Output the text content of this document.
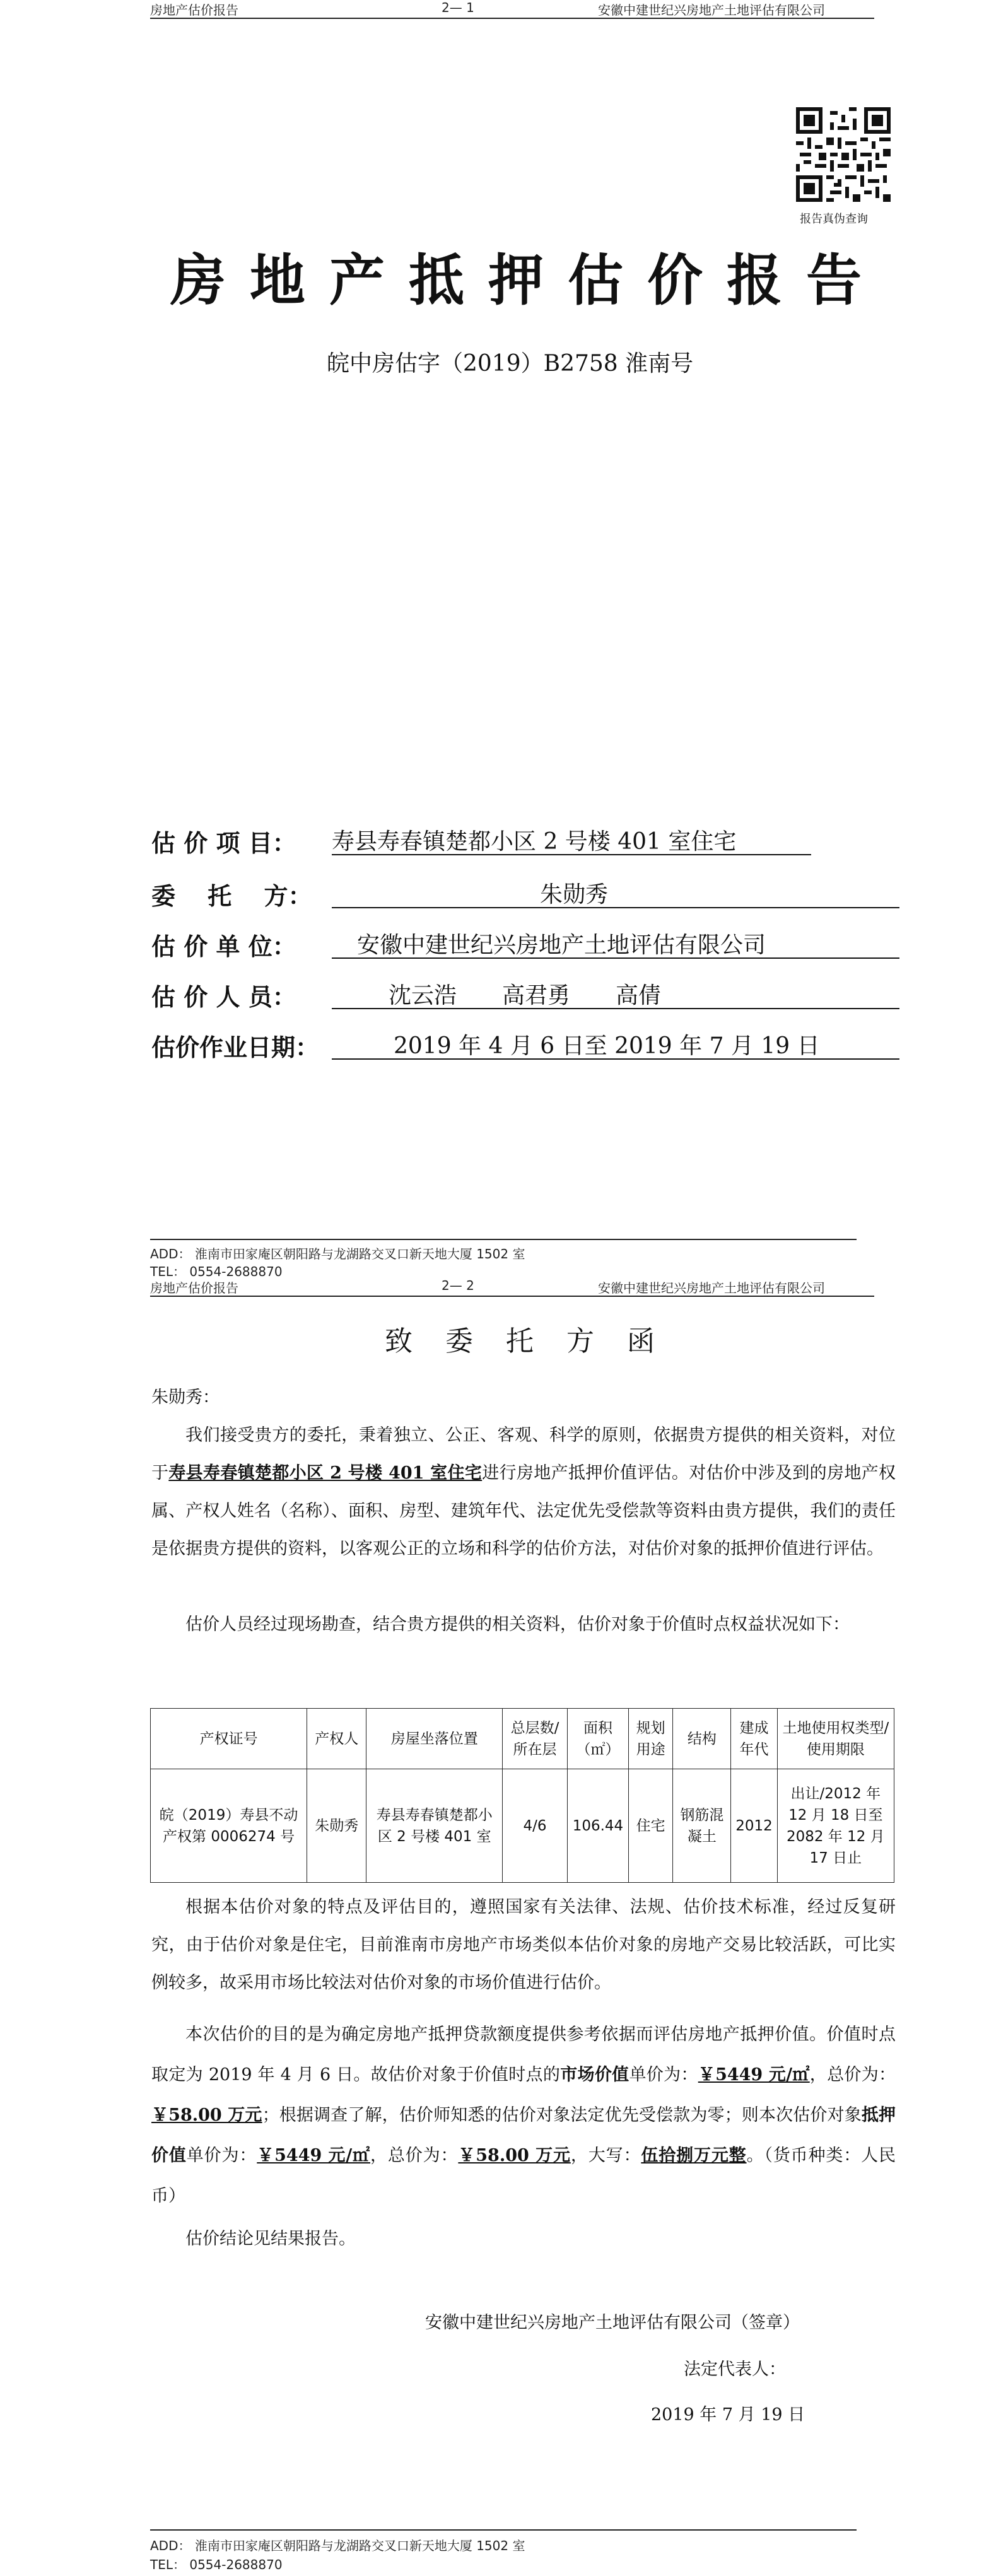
房地产估价报告	2— 1	安徽中建世纪兴房地产土地评估有限公司
报告真伪查询
房地产抵押估价报告
皖中房估字（2019）B2758 淮南号
估 价 项 目： 寿县寿春镇楚都小区 2 号楼 401 室住宅
委　 托　 方：	朱勋秀
估 价 单 位：	安徽中建世纪兴房地产土地评估有限公司
估 价 人 员：	沈云浩　　高君勇　　高倩
估价作业日期：	2019 年 4 月 6 日至 2019 年 7 月 19 日
ADD： 淮南市田家庵区朝阳路与龙湖路交叉口新天地大厦 1502 室
TEL： 0554-2688870
房地产估价报告	2— 2	安徽中建世纪兴房地产土地评估有限公司
致委托方函
朱勋秀：
我们接受贵方的委托，秉着独立、公正、客观、科学的原则，依据贵方提供的相关资料，对位于寿县寿春镇楚都小区 2 号楼 401 室住宅进行房地产抵押价值评估。对估价中涉及到的房地产权属、产权人姓名（名称）、面积、房型、建筑年代、法定优先受偿款等资料由贵方提供，我们的责任是依据贵方提供的资料，以客观公正的立场和科学的估价方法，对估价对象的抵押价值进行评估。
估价人员经过现场勘查，结合贵方提供的相关资料，估价对象于价值时点权益状况如下：
产权证号	产权人	房屋坐落位置	总层数/所在层	面积（㎡）	规划用途	结构	建成年代	土地使用权类型/使用期限
皖（2019）寿县不动产权第 0006274 号	朱勋秀	寿县寿春镇楚都小区 2 号楼 401 室	4/6	106.44	住宅	钢筋混凝土	2012	出让/2012 年 12 月 18 日至 2082 年 12 月 17 日止
根据本估价对象的特点及评估目的，遵照国家有关法律、法规、估价技术标准，经过反复研究，由于估价对象是住宅，目前淮南市房地产市场类似本估价对象的房地产交易比较活跃，可比实例较多，故采用市场比较法对估价对象的市场价值进行估价。
本次估价的目的是为确定房地产抵押贷款额度提供参考依据而评估房地产抵押价值。价值时点取定为 2019 年 4 月 6 日。故估价对象于价值时点的市场价值单价为：￥5449 元/㎡，总价为：￥58.00 万元；根据调查了解，估价师知悉的估价对象法定优先受偿款为零；则本次估价对象抵押价值单价为：￥5449 元/㎡，总价为：￥58.00 万元，大写：伍拾捌万元整。（货币种类：人民币）
估价结论见结果报告。
安徽中建世纪兴房地产土地评估有限公司（签章）
法定代表人：
2019 年 7 月 19 日
ADD： 淮南市田家庵区朝阳路与龙湖路交叉口新天地大厦 1502 室
TEL： 0554-2688870
